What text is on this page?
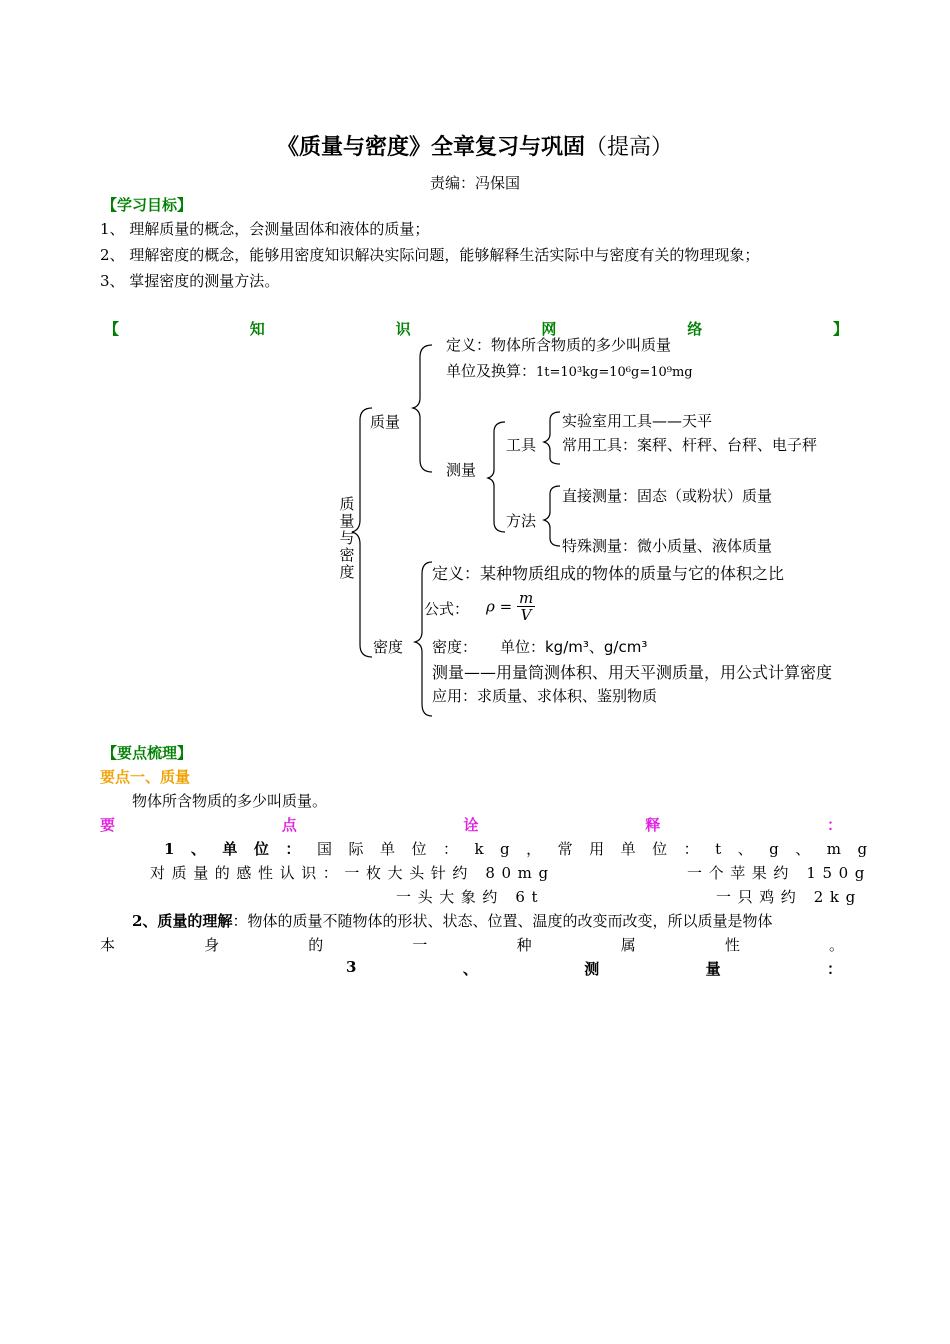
《质量与密度》全章复习与巩固（提高）
责编：冯保国
【学习目标】
1、 理解质量的概念，会测量固体和液体的质量；
2、 理解密度的概念，能够用密度知识解决实际问题，能够解释生活实际中与密度有关的物理现象；
3、 掌握密度的测量方法。
【	知	识	网	络	】
质量与密度
质量
定义：物体所含物质的多少叫质量
单位及换算：1t=10³kg=10⁶g=10⁹mg
测量
工具
实验室用工具——天平
常用工具：案秤、杆秤、台秤、电子秤
方法
直接测量：固态（或粉状）质量
特殊测量：微小质量、液体质量
密度
定义：某种物质组成的物体的质量与它的体积之比
公式： $\rho = \frac{m}{V}$
密度： 单位：kg/m³、g/cm³
测量——用量筒测体积、用天平测质量，用公式计算密度
应用：求质量、求体积、鉴别物质
【要点梳理】
要点一、质量
物体所含物质的多少叫质量。
要	点	诠	释	：
1、单位：国际单位：kg，常用单位：t、g、mg
对质量的感性认识：一枚大头针约 80mg	一个苹果约 150g
一头大象约 6t	一只鸡约 2kg
2、质量的理解：物体的质量不随物体的形状、状态、位置、温度的改变而改变，所以质量是物体
本	身	的	一	种	属	性	。
3	、	测	量	：
